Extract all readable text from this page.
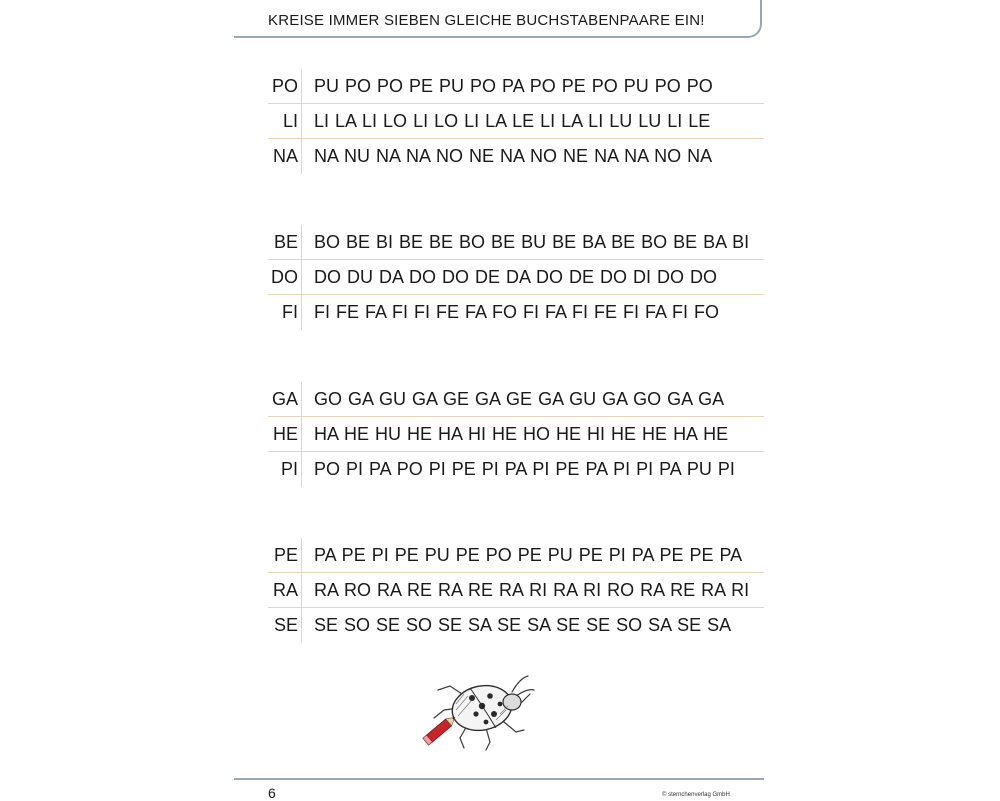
KREISE IMMER SIEBEN GLEICHE BUCHSTABENPAARE EIN!
PO PU PO PO PE PU PO PA PO PE PO PU PO PO
LI LI LA LI LO LI LO LI LA LE LI LA LI LU LU LI LE
NA NA NU NA NA NO NE NA NO NE NA NA NO NA
BE BO BE BI BE BE BO BE BU BE BA BE BO BE BA BI
DO DO DU DA DO DO DE DA DO DE DO DI DO DO
FI FI FE FA FI FI FE FA FO FI FA FI FE FI FA FI FO
GA GO GA GU GA GE GA GE GA GU GA GO GA GA
HE HA HE HU HE HA HI HE HO HE HI HE HE HA HE
PI PO PI PA PO PI PE PI PA PI PE PA PI PI PA PU PI
PE PA PE PI PE PU PE PO PE PU PE PI PA PE PE PA
RA RA RO RA RE RA RE RA RI RA RI RO RA RE RA RI
SE SE SO SE SO SE SA SE SA SE SE SO SA SE SA
6	© sternchenverlag GmbH
